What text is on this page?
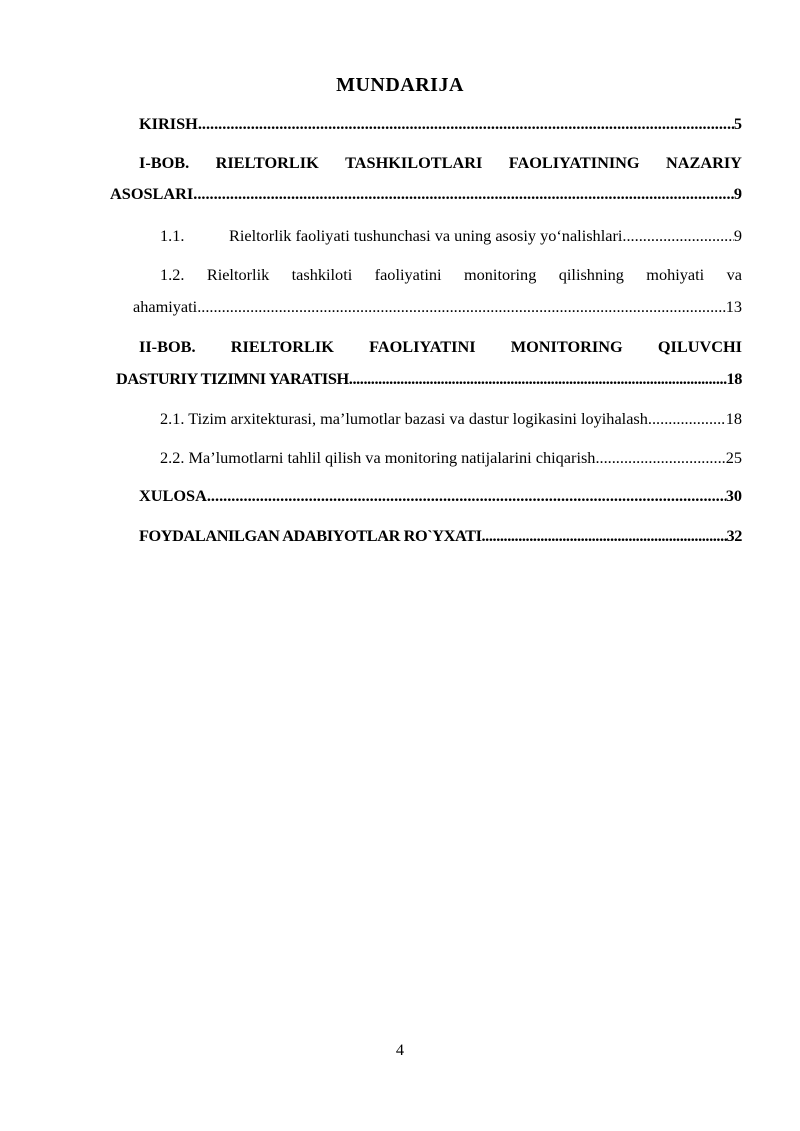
MUNDARIJA
KIRISH .....	5
I-BOB. RIELTORLIK TASHKILOTLARI FAOLIYATINING NAZARIY
ASOSLARI .....	9
1.1.	Rieltorlik faoliyati tushunchasi va uning asosiy yo‘nalishlari .....	9
1.2. Rieltorlik tashkiloti faoliyatini monitoring qilishning mohiyati va
ahamiyati .....	13
II-BOB. RIELTORLIK FAOLIYATINI MONITORING QILUVCHI
DASTURIY TIZIMNI YARATISH .....	18
2.1. Tizim arxitekturasi, ma’lumotlar bazasi va dastur logikasini loyihalash .....	18
2.2. Ma’lumotlarni tahlil qilish va monitoring natijalarini chiqarish .....	25
XULOSA .....	30
FOYDALANILGAN ADABIYOTLAR RO`YXATI .....	32
4
